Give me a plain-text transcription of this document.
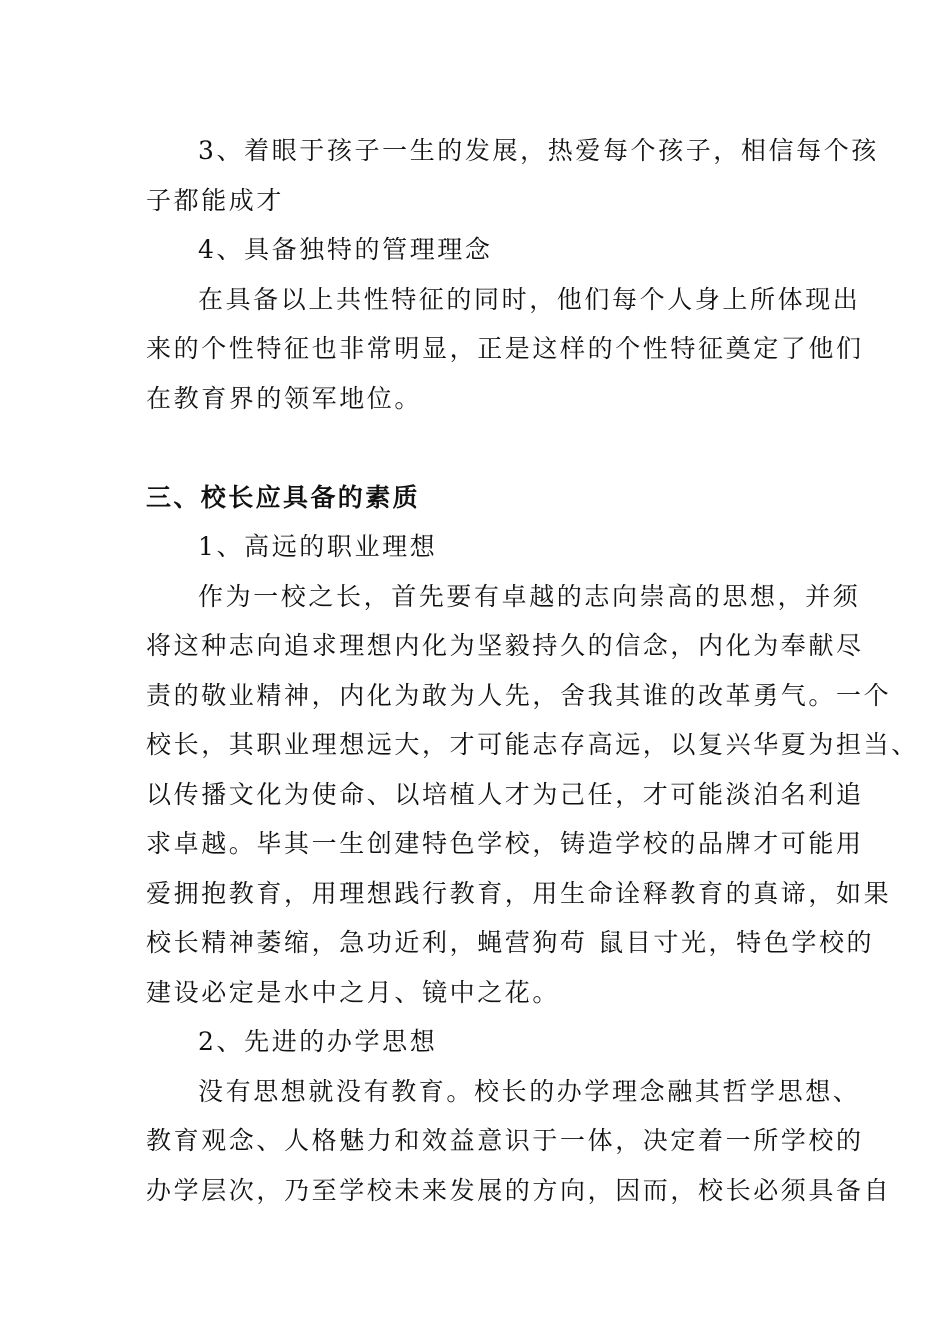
3、着眼于孩子一生的发展，热爱每个孩子，相信每个孩
子都能成才
4、具备独特的管理理念
在具备以上共性特征的同时，他们每个人身上所体现出
来的个性特征也非常明显，正是这样的个性特征奠定了他们
在教育界的领军地位。
三、校长应具备的素质
1、高远的职业理想
作为一校之长，首先要有卓越的志向崇高的思想，并须
将这种志向追求理想内化为坚毅持久的信念，内化为奉献尽
责的敬业精神，内化为敢为人先，舍我其谁的改革勇气。一个
校长，其职业理想远大，才可能志存高远，以复兴华夏为担当、
以传播文化为使命、以培植人才为己任，才可能淡泊名利追
求卓越。毕其一生创建特色学校，铸造学校的品牌才可能用
爱拥抱教育，用理想践行教育，用生命诠释教育的真谛，如果
校长精神萎缩，急功近利，蝇营狗苟 鼠目寸光，特色学校的
建设必定是水中之月、镜中之花。
2、先进的办学思想
没有思想就没有教育。校长的办学理念融其哲学思想、
教育观念、人格魅力和效益意识于一体，决定着一所学校的
办学层次，乃至学校未来发展的方向，因而，校长必须具备自
